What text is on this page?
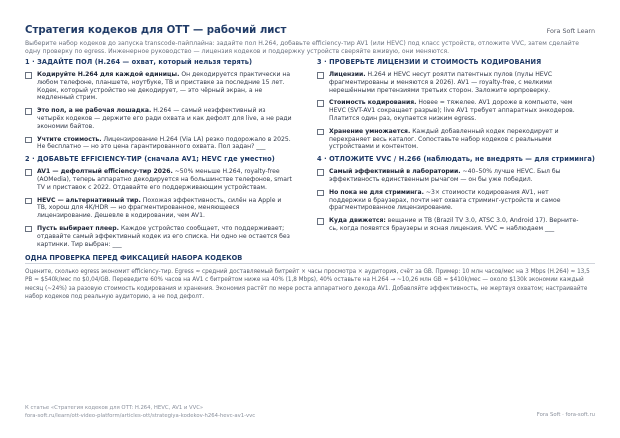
Стратегия кодеков для OTT — рабочий лист	Fora Soft Learn
Выберите набор кодеков до запуска transcode-пайплайна: задайте пол H.264, добавьте efficiency-тир AV1 (или HEVC) под класс устройств, отложите VVC, затем сделайте одну проверку по egress. Инженерное руководство — лицензия кодеков и поддержку устройств сверяйте вживую, они меняются.
1 · ЗАДАЙТЕ ПОЛ (H.264 — охват, который нельзя терять)
Кодируйте H.264 для каждой единицы. Он декодируется практически на любом телефоне, планшете, ноутбуке, ТВ и приставке за последние 15 лет. Кодек, который устройство не декодирует, — это чёрный экран, а не медленный стрим.
Это пол, а не рабочая лошадка. H.264 — самый неэффективный из четырёх кодеков — держите его ради охвата и как дефолт для live, а не ради экономии байтов.
Учтите стоимость. Лицензирование H.264 (Via LA) резко подорожало в 2025. Не бесплатно — но это цена гарантированного охвата. Пол задан? ___
2 · ДОБАВЬТЕ EFFICIENCY-ТИР (сначала AV1; HEVC где уместно)
AV1 — дефолтный efficiency-тир 2026. ~50% меньше H.264, royalty-free (AOMedia), теперь аппаратно декодируется на большинстве телефонов, smart TV и приставок с 2022. Отдавайте его поддерживающим устройствам.
HEVC — альтернативный тир. Похожая эффективность, силён на Apple и ТВ, хорош для 4K/HDR — но фрагментированное, меняющееся лицензирование. Дешевле в кодировании, чем AV1.
Пусть выбирает плеер. Каждое устройство сообщает, что поддерживает; отдавайте самый эффективный кодек из его списка. Ни одно не остается без картинки. Тир выбран: ___
3 · ПРОВЕРЬТЕ ЛИЦЕНЗИИ И СТОИМОСТЬ КОДИРОВАНИЯ
Лицензии. H.264 и HEVC несут роялти патентных пулов (пулы HEVC фрагментированы и меняются в 2026). AV1 — royalty-free, с мелкими нерешёнными претензиями третьих сторон. Заложите юрпроверку.
Стоимость кодирования. Новее = тяжелее. AV1 дороже в компьюте, чем HEVC (SVT-AV1 сокращает разрыв); live AV1 требует аппаратных энкодеров. Платится один раз, окупается низким egress.
Хранение умножается. Каждый добавленный кодек перекодирует и перехраняет весь каталог. Сопоставьте набор кодеков с реальными устройствами и контентом.
4 · ОТЛОЖИТЕ VVC / H.266 (наблюдать, не внедрять — для стриминга)
Самый эффективный в лаборатории. ~40–50% лучше HEVC. Был бы эффективность единственным рычагом — он бы уже победил.
Но пока не для стриминга. ~3× стоимости кодирования AV1, нет поддержки в браузерах, почти нет охвата стриминг-устройств и самое фрагментированное лицензирование.
Куда движется: вещание и ТВ (Brazil TV 3.0, ATSC 3.0, Android 17). Вернитесь, когда появятся браузеры и ясная лицензия. VVC = наблюдаем ___
ОДНА ПРОВЕРКА ПЕРЕД ФИКСАЦИЕЙ НАБОРА КОДЕКОВ
Оцените, сколько egress экономит efficiency-тир. Egress ≈ средний доставляемый битрейт × часы просмотра × аудитория, счёт за GB. Пример: 10 млн часов/мес на 3 Mbps (H.264) ≈ 13,5 PB ≈ $540k/мес по $0,04/GB. Переведите 60% часов на AV1 с битрейтом ниже на 40% (1,8 Mbps), 40% оставьте на H.264 → ~10,26 млн GB ≈ $410k/мес — около $130k экономии каждый месяц (~24%) за разовую стоимость кодирования и хранения. Экономия растёт по мере роста аппаратного декода AV1. Добавляйте эффективность, не жертвуя охватом; настраивайте набор кодеков под реальную аудиторию, а не под дефолт.
К статье «Стратегия кодеков для OTT: H.264, HEVC, AV1 и VVC»
fora-soft.ru/learn/ott-video-platform/articles-ott/strategiya-kodekov-h264-hevc-av1-vvc	Fora Soft · fora-soft.ru
